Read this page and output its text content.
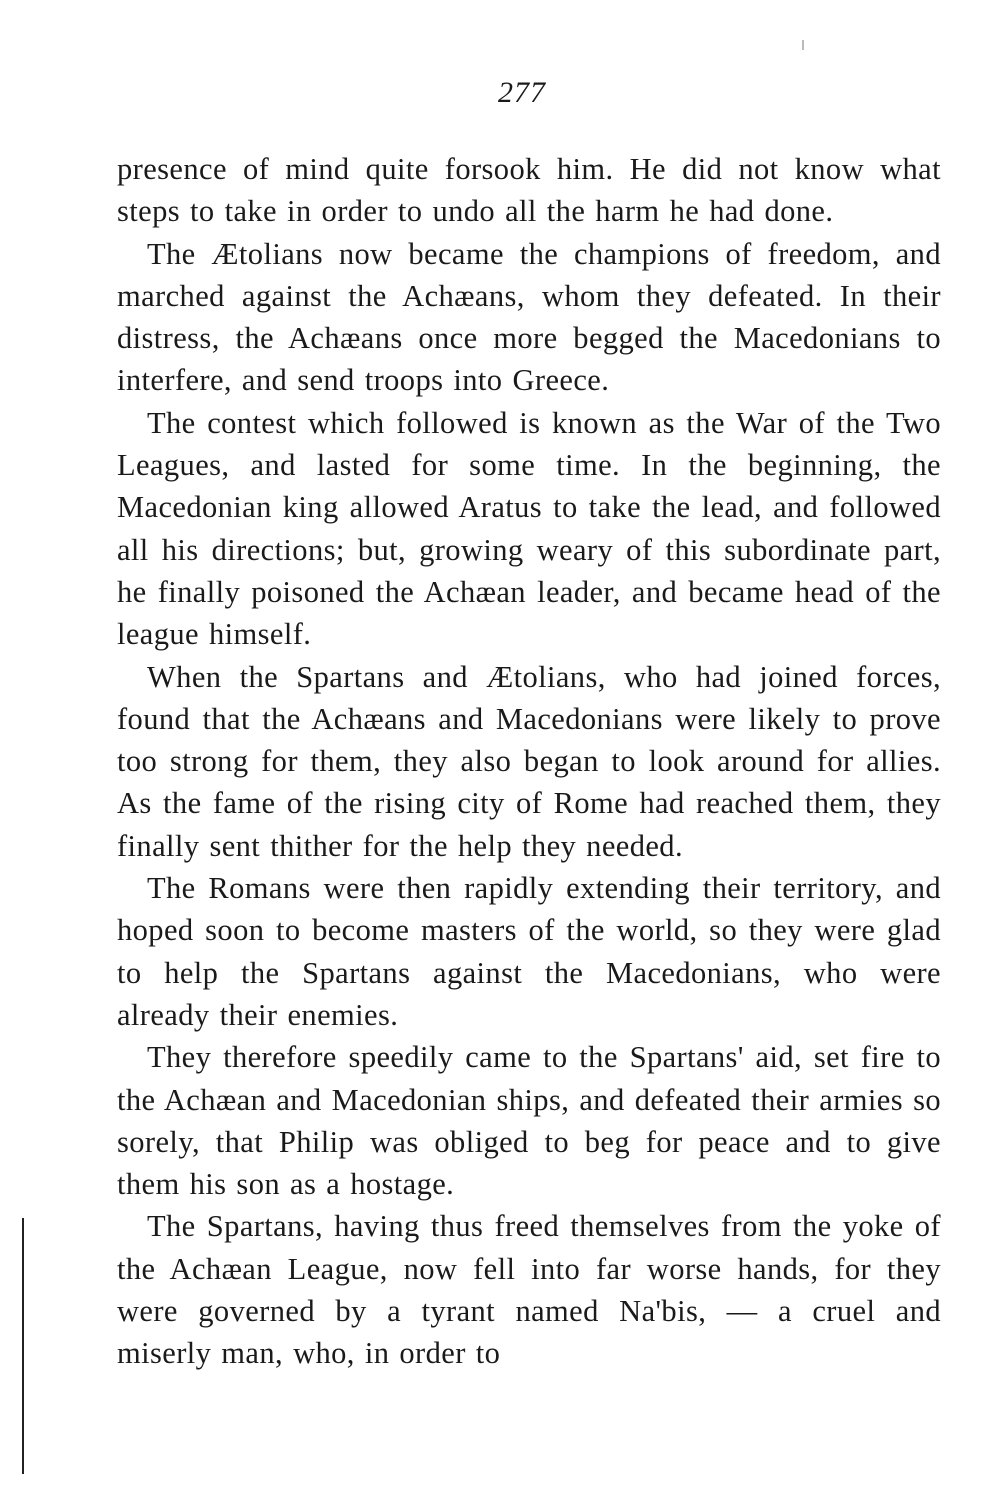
277

presence of mind quite forsook him. He did not know what steps to take in order to undo all the harm he had done.

The Ætolians now became the champions of freedom, and marched against the Achæans, whom they defeated. In their distress, the Achæans once more begged the Macedonians to interfere, and send troops into Greece.

The contest which followed is known as the War of the Two Leagues, and lasted for some time. In the beginning, the Macedonian king allowed Aratus to take the lead, and followed all his directions; but, growing weary of this subordinate part, he finally poisoned the Achæan leader, and became head of the league himself.

When the Spartans and Ætolians, who had joined forces, found that the Achæans and Macedonians were likely to prove too strong for them, they also began to look around for allies. As the fame of the rising city of Rome had reached them, they finally sent thither for the help they needed.

The Romans were then rapidly extending their territory, and hoped soon to become masters of the world, so they were glad to help the Spartans against the Macedonians, who were already their enemies.

They therefore speedily came to the Spartans' aid, set fire to the Achæan and Macedonian ships, and defeated their armies so sorely, that Philip was obliged to beg for peace and to give them his son as a hostage.

The Spartans, having thus freed themselves from the yoke of the Achæan League, now fell into far worse hands, for they were governed by a tyrant named Na'bis, — a cruel and miserly man, who, in order to
